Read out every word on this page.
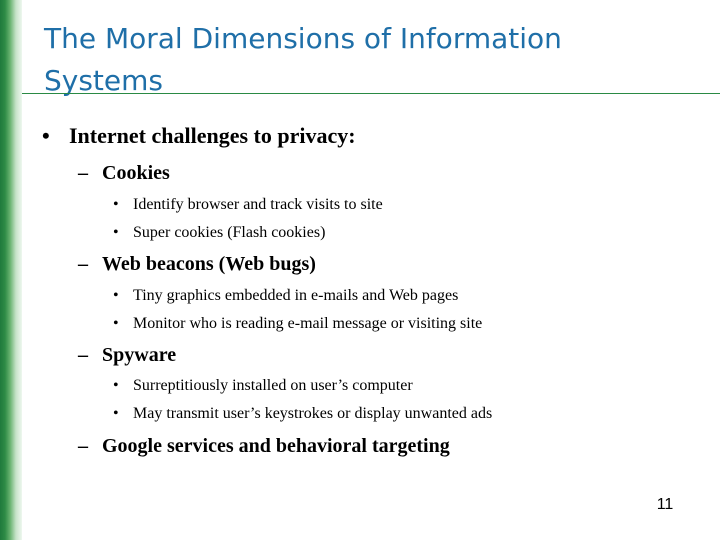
The Moral Dimensions of Information Systems
• Internet challenges to privacy:
– Cookies
• Identify browser and track visits to site
• Super cookies (Flash cookies)
– Web beacons (Web bugs)
• Tiny graphics embedded in e-mails and Web pages
• Monitor who is reading e-mail message or visiting site
– Spyware
• Surreptitiously installed on user’s computer
• May transmit user’s keystrokes or display unwanted ads
– Google services and behavioral targeting
11
